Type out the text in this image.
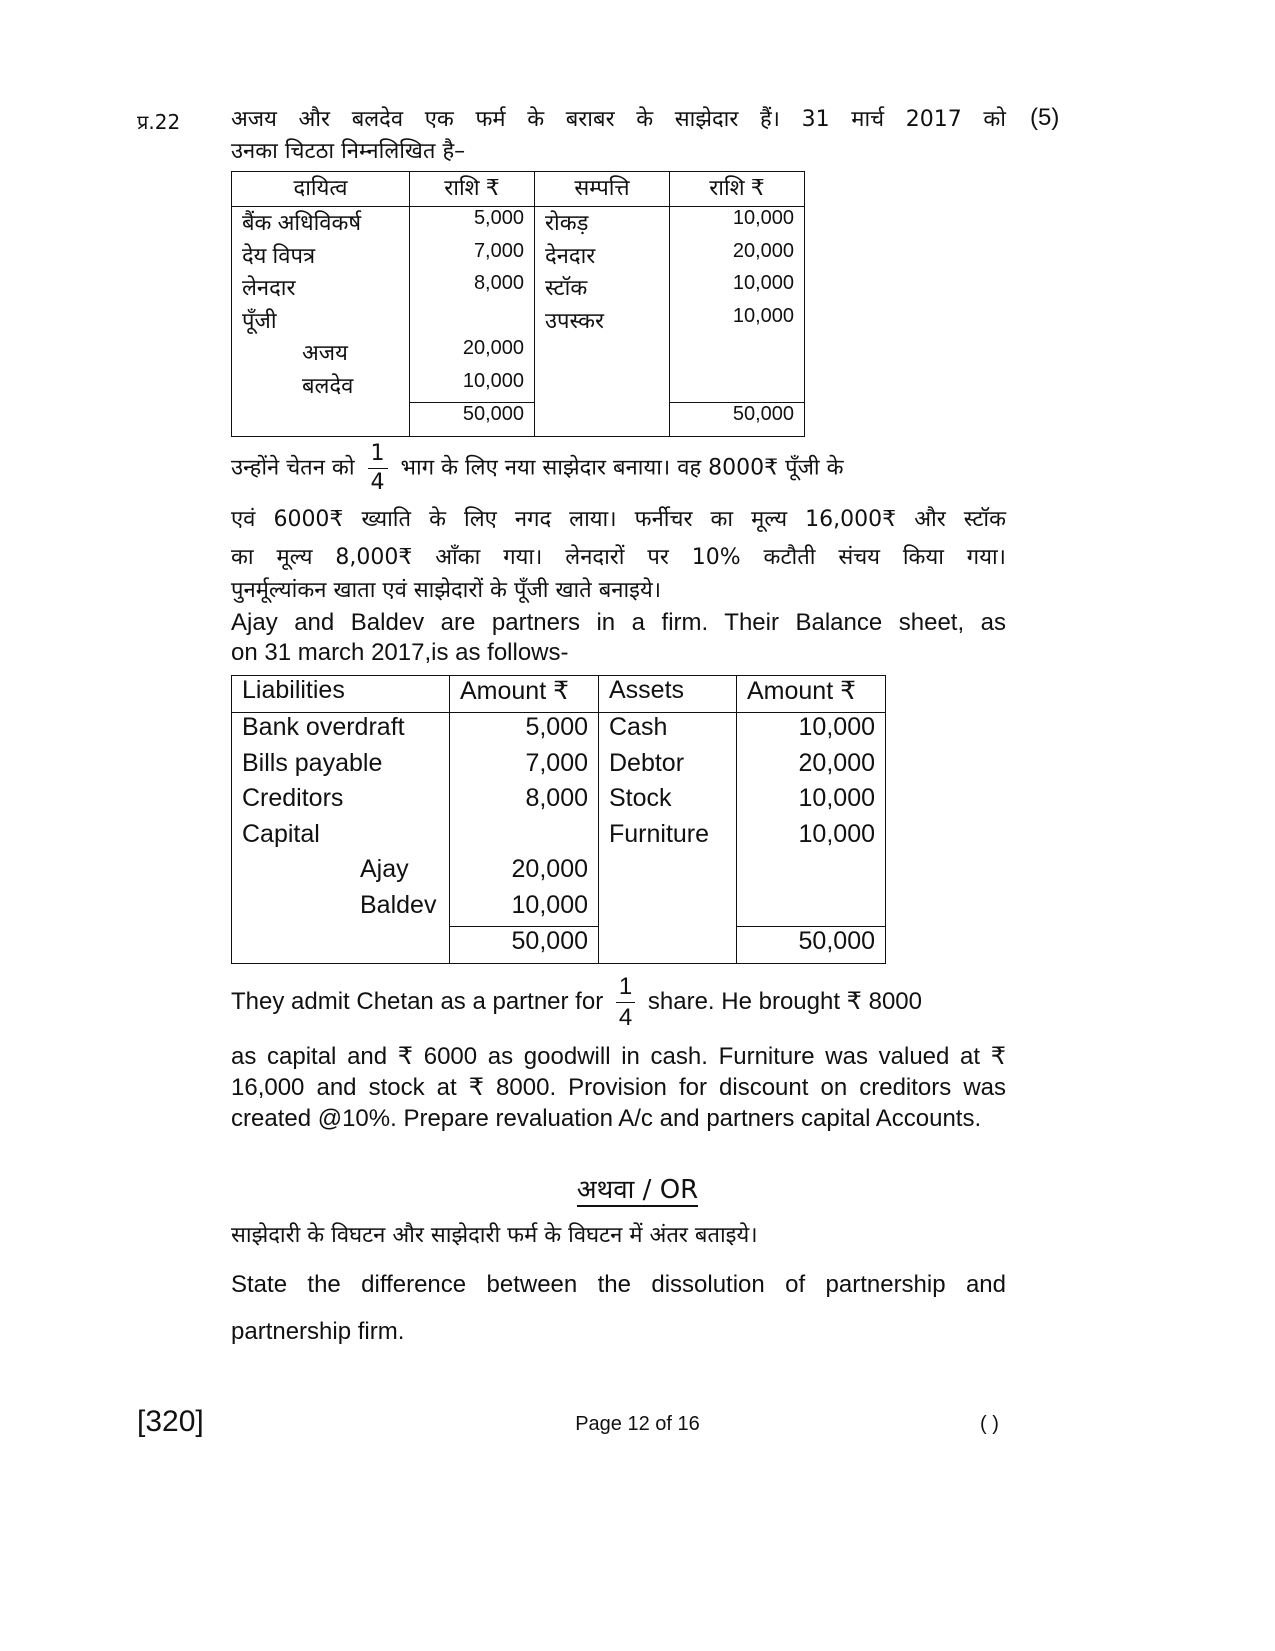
प्र.22	(5)
अजय और बलदेव एक फर्म के बराबर के साझेदार हैं। 31 मार्च 2017 को
उनका चिटठा निम्नलिखित है–
दायित्व	राशि ₹	सम्पत्ति	राशि ₹
बैंक अधिविकर्ष	5,000	रोकड़	10,000
देय विपत्र	7,000	देनदार	20,000
लेनदार	8,000	स्टॉक	10,000
पूँजी		उपस्कर	10,000
अजय	20,000		
बलदेव	10,000		
	50,000		50,000
उन्होंने चेतन को $\frac{1}{4}$ भाग के लिए नया साझेदार बनाया। वह 8000₹ पूँजी के
एवं 6000₹ ख्याति के लिए नगद लाया। फर्नीचर का मूल्य 16,000₹ और स्टॉक
का मूल्य 8,000₹ आँका गया। लेनदारों पर 10% कटौती संचय किया गया।
पुनर्मूल्यांकन खाता एवं साझेदारों के पूँजी खाते बनाइये।
Ajay and Baldev are partners in a firm. Their Balance sheet, as
on 31 march 2017,is as follows-
Liabilities	Amount ₹	Assets	Amount ₹
Bank overdraft	5,000	Cash	10,000
Bills payable	7,000	Debtor	20,000
Creditors	8,000	Stock	10,000
Capital		Furniture	10,000
Ajay	20,000		
Baldev	10,000		
	50,000		50,000
They admit Chetan as a partner for $\frac{1}{4}$ share. He brought ₹ 8000
as capital and ₹ 6000 as goodwill in cash. Furniture was valued at ₹ 16,000 and stock at ₹ 8000. Provision for discount on creditors was created @10%. Prepare revaluation A/c and partners capital Accounts.
अथवा / OR
साझेदारी के विघटन और साझेदारी फर्म के विघटन में अंतर बताइये।
State the difference between the dissolution of partnership and
partnership firm.
[320]	Page 12 of 16	( )
